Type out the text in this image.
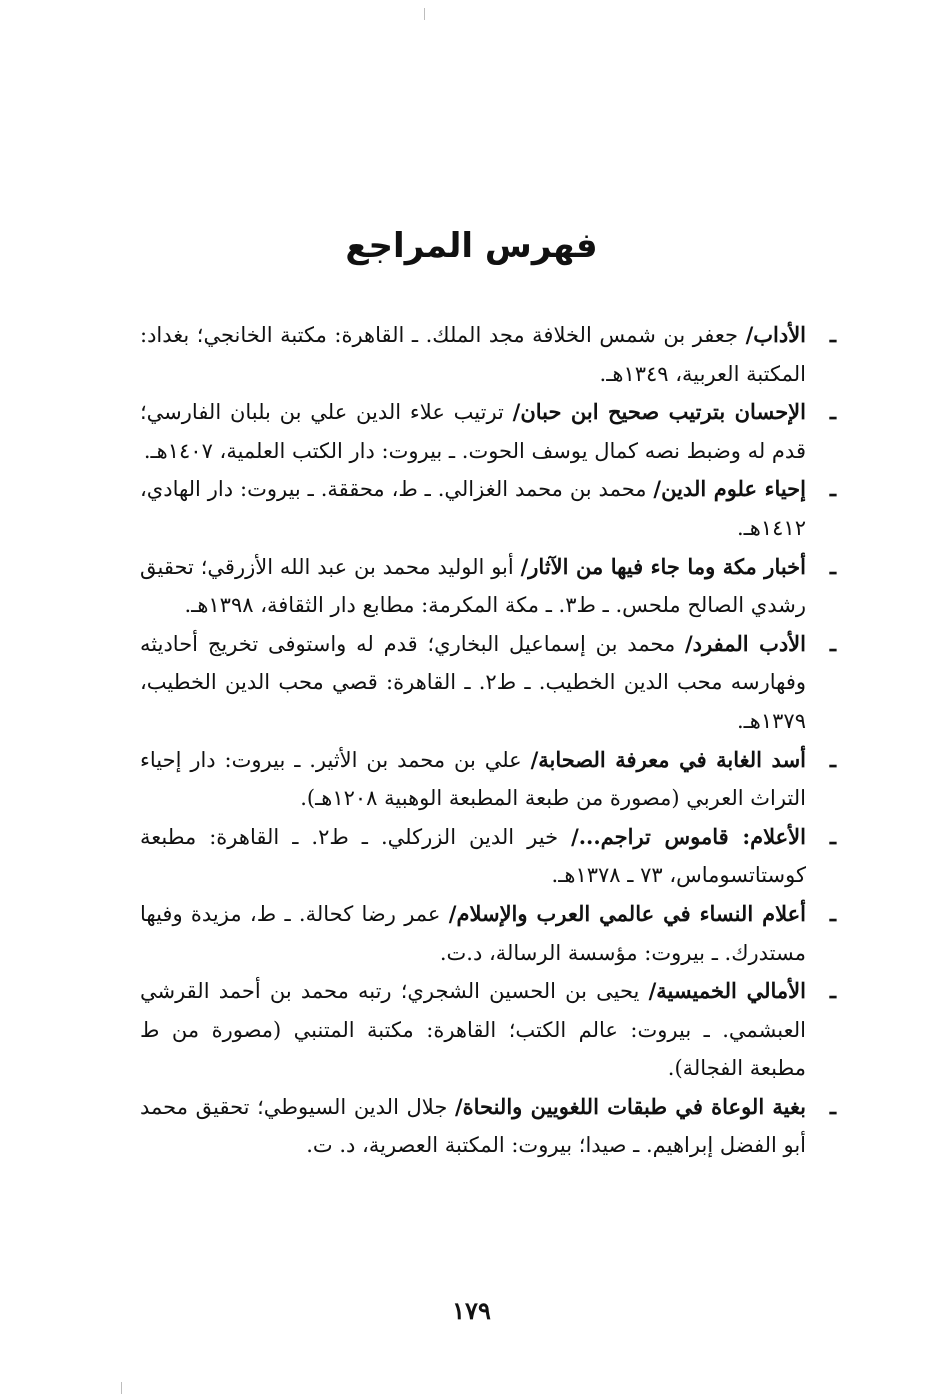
فهرس المراجع
ـ
الأداب/ جعفر بن شمس الخلافة مجد الملك. ـ القاهرة: مكتبة الخانجي؛ بغداد: المكتبة العربية، ١٣٤٩هـ.
ـ
الإحسان بترتيب صحيح ابن حبان/ ترتيب علاء الدين علي بن بلبان الفارسي؛ قدم له وضبط نصه كمال يوسف الحوت. ـ بيروت: دار الكتب العلمية، ١٤٠٧هـ.
ـ
إحياء علوم الدين/ محمد بن محمد الغزالي. ـ ط، محققة. ـ بيروت: دار الهادي، ١٤١٢هـ.
ـ
أخبار مكة وما جاء فيها من الآثار/ أبو الوليد محمد بن عبد الله الأزرقي؛ تحقيق رشدي الصالح ملحس. ـ ط٣. ـ مكة المكرمة: مطابع دار الثقافة، ١٣٩٨هـ.
ـ
الأدب المفرد/ محمد بن إسماعيل البخاري؛ قدم له واستوفى تخريج أحاديثه وفهارسه محب الدين الخطيب. ـ ط٢. ـ القاهرة: قصي محب الدين الخطيب، ١٣٧٩هـ.
ـ
أسد الغابة في معرفة الصحابة/ علي بن محمد بن الأثير. ـ بيروت: دار إحياء التراث العربي (مصورة من طبعة المطبعة الوهبية ١٢٠٨هـ).
ـ
الأعلام: قاموس تراجم.../ خير الدين الزركلي. ـ ط٢. ـ القاهرة: مطبعة كوستاتسوماس، ٧٣ ـ ١٣٧٨هـ.
ـ
أعلام النساء في عالمي العرب والإسلام/ عمر رضا كحالة. ـ ط، مزيدة وفيها مستدرك. ـ بيروت: مؤسسة الرسالة، د.ت.
ـ
الأمالي الخميسية/ يحيى بن الحسين الشجري؛ رتبه محمد بن أحمد القرشي العبشمي. ـ بيروت: عالم الكتب؛ القاهرة: مكتبة المتنبي (مصورة من ط مطبعة الفجالة).
ـ
بغية الوعاة في طبقات اللغويين والنحاة/ جلال الدين السيوطي؛ تحقيق محمد أبو الفضل إبراهيم. ـ صيدا؛ بيروت: المكتبة العصرية، د. ت.
١٧٩
